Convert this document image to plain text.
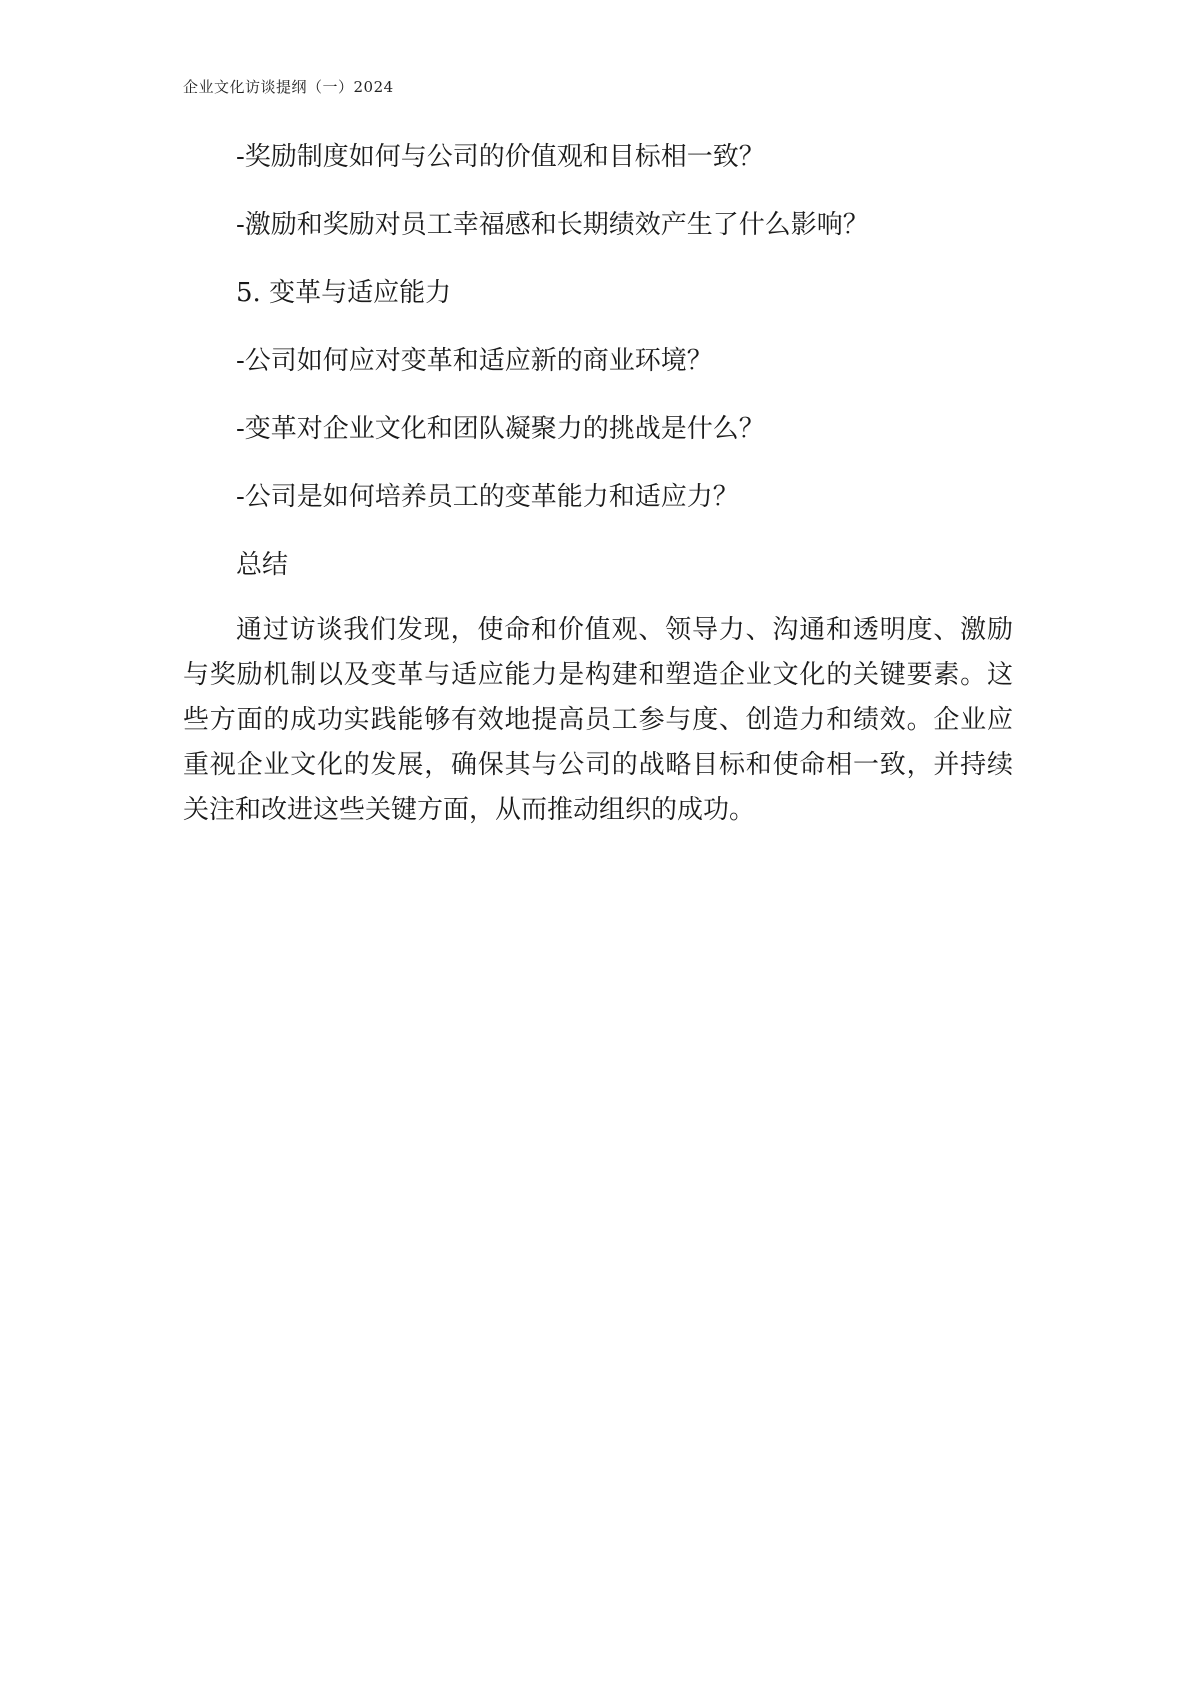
企业文化访谈提纲（一）2024

-奖励制度如何与公司的价值观和目标相一致？

-激励和奖励对员工幸福感和长期绩效产生了什么影响？

5. 变革与适应能力

-公司如何应对变革和适应新的商业环境？

-变革对企业文化和团队凝聚力的挑战是什么？

-公司是如何培养员工的变革能力和适应力？

总结

通过访谈我们发现，使命和价值观、领导力、沟通和透明度、激励与奖励机制以及变革与适应能力是构建和塑造企业文化的关键要素。这些方面的成功实践能够有效地提高员工参与度、创造力和绩效。企业应重视企业文化的发展，确保其与公司的战略目标和使命相一致，并持续关注和改进这些关键方面，从而推动组织的成功。
